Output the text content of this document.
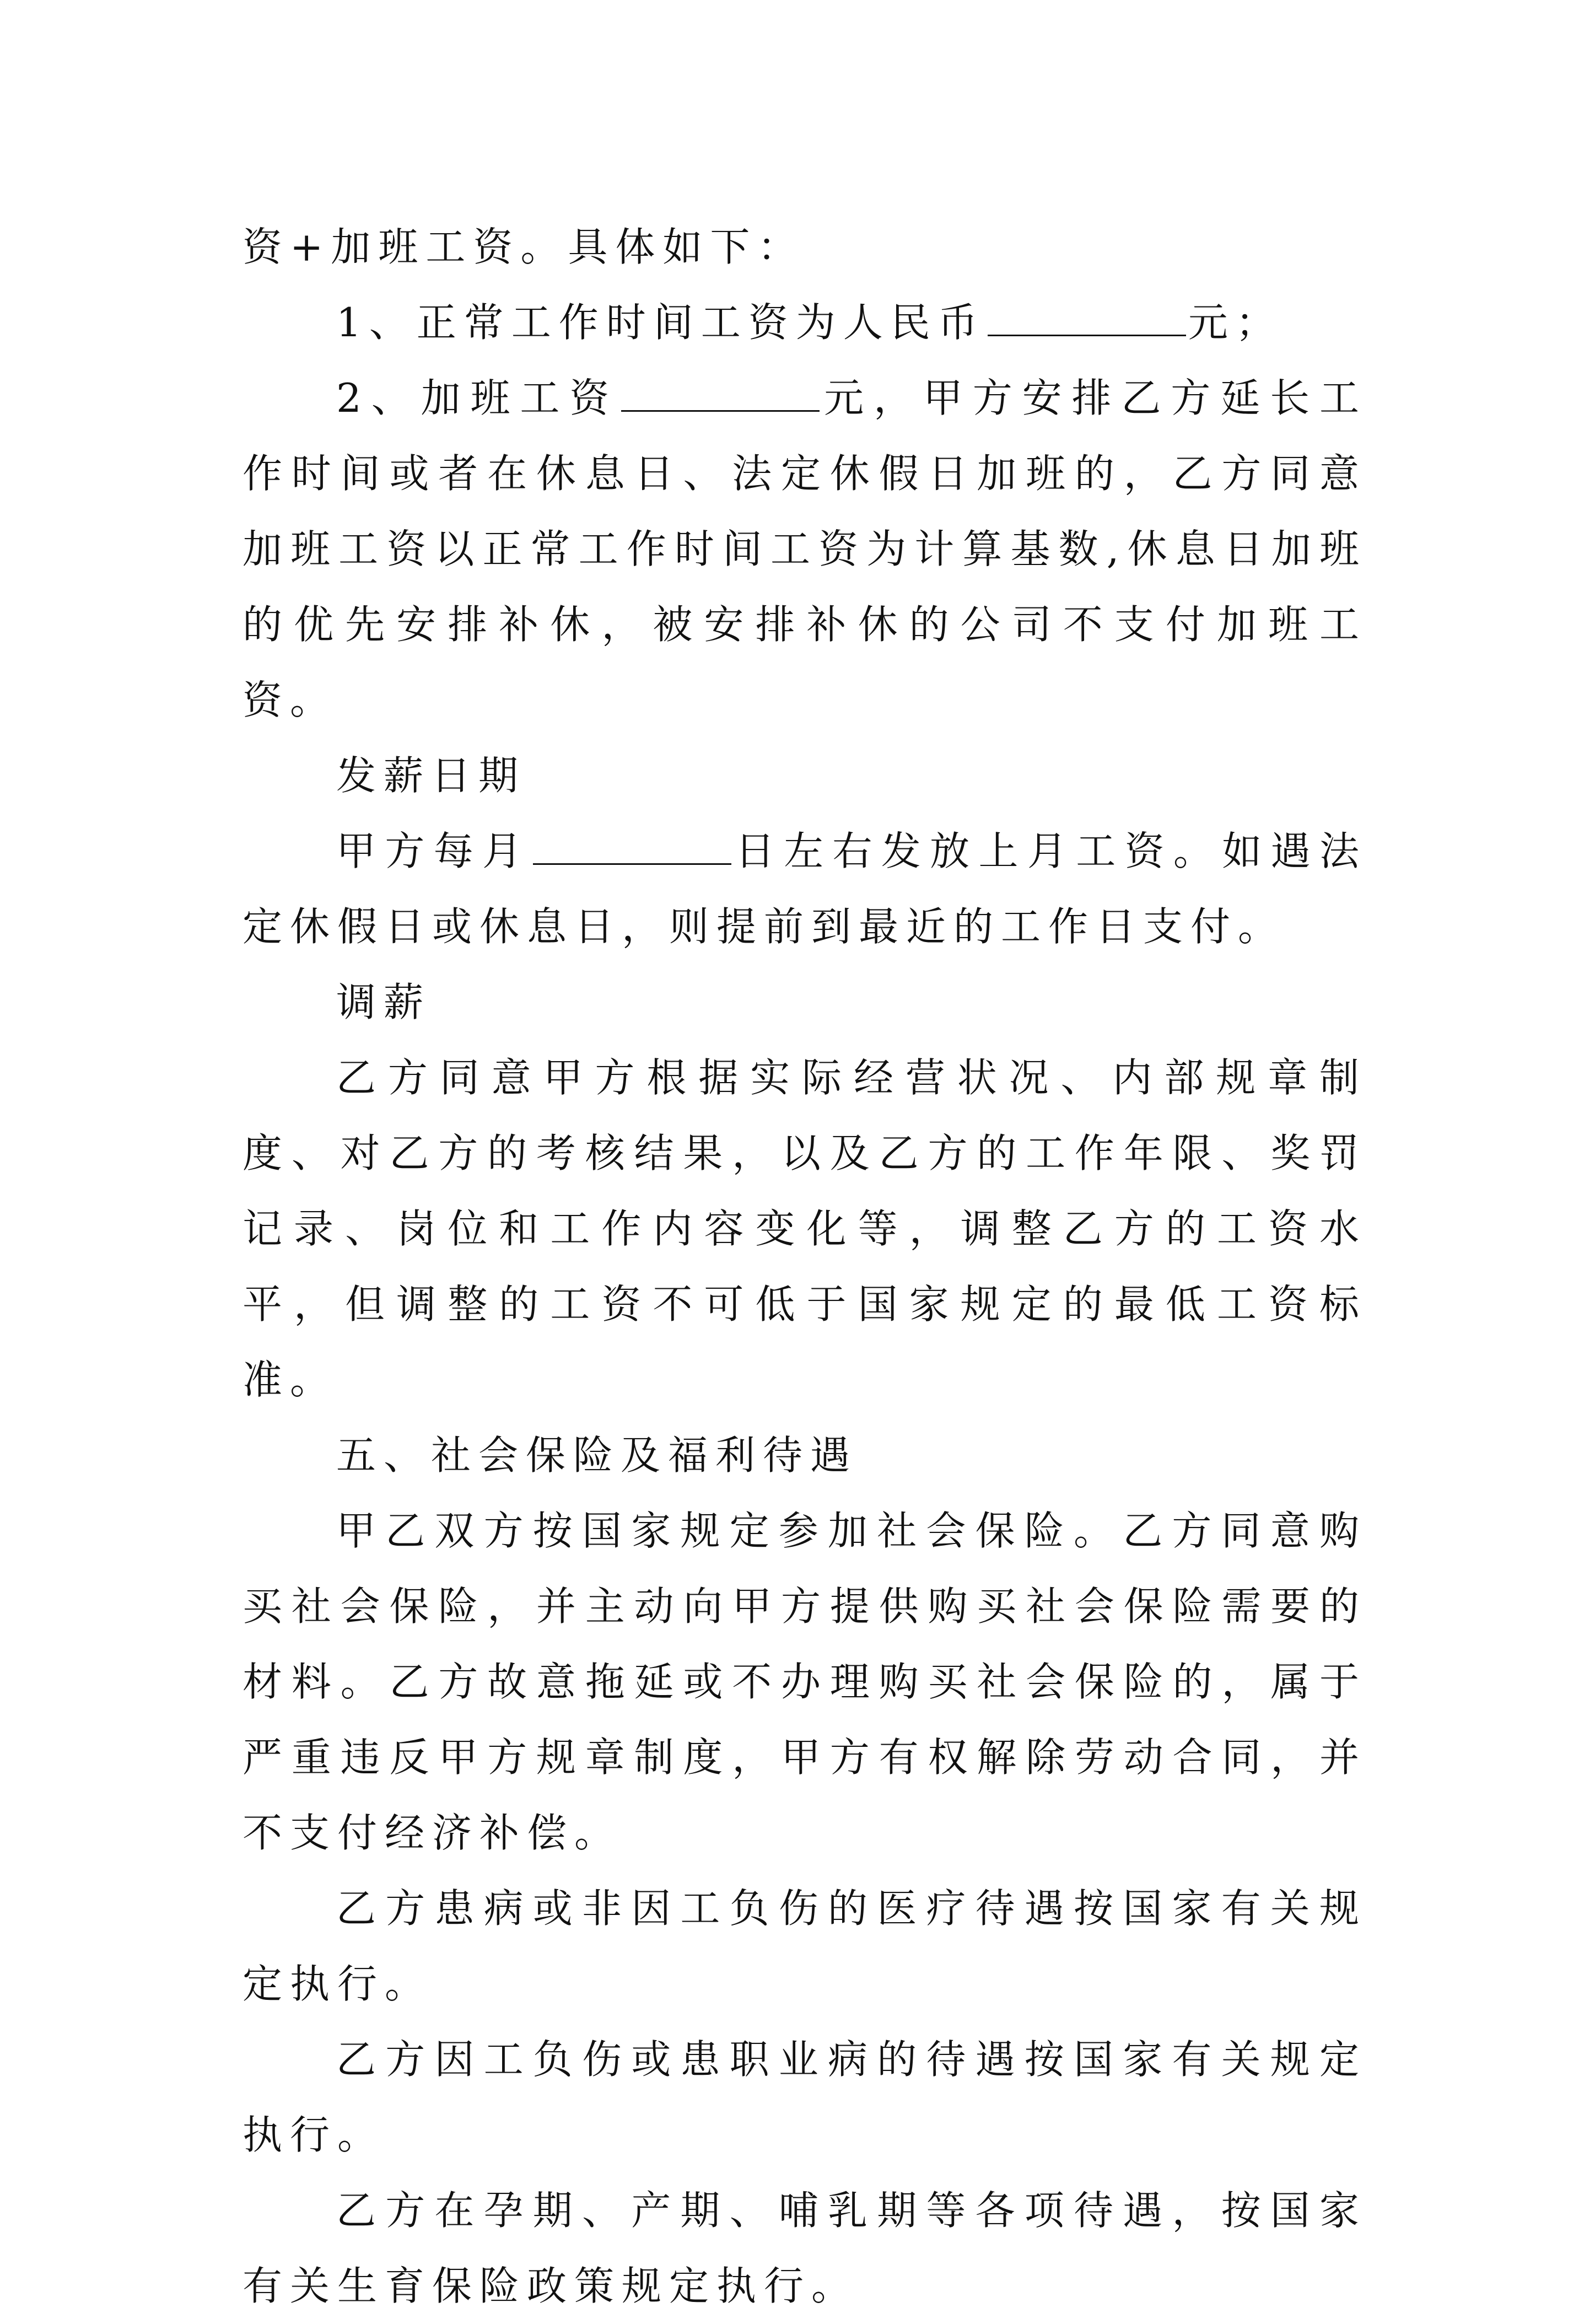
资+加班工资。具体如下：

1、正常工作时间工资为人民币	元；

2、加班工资	元，甲方安排乙方延长工作时间或者在休息日、法定休假日加班的，乙方同意加班工资以正常工作时间工资为计算基数,休息日加班的优先安排补休，被安排补休的公司不支付加班工资。

发薪日期

甲方每月	日左右发放上月工资。如遇法定休假日或休息日，则提前到最近的工作日支付。

调薪

乙方同意甲方根据实际经营状况、内部规章制度、对乙方的考核结果，以及乙方的工作年限、奖罚记录、岗位和工作内容变化等，调整乙方的工资水平，但调整的工资不可低于国家规定的最低工资标准。

五、社会保险及福利待遇

甲乙双方按国家规定参加社会保险。乙方同意购买社会保险，并主动向甲方提供购买社会保险需要的材料。乙方故意拖延或不办理购买社会保险的，属于严重违反甲方规章制度，甲方有权解除劳动合同，并不支付经济补偿。

乙方患病或非因工负伤的医疗待遇按国家有关规定执行。

乙方因工负伤或患职业病的待遇按国家有关规定执行。

乙方在孕期、产期、哺乳期等各项待遇，按国家有关生育保险政策规定执行。
